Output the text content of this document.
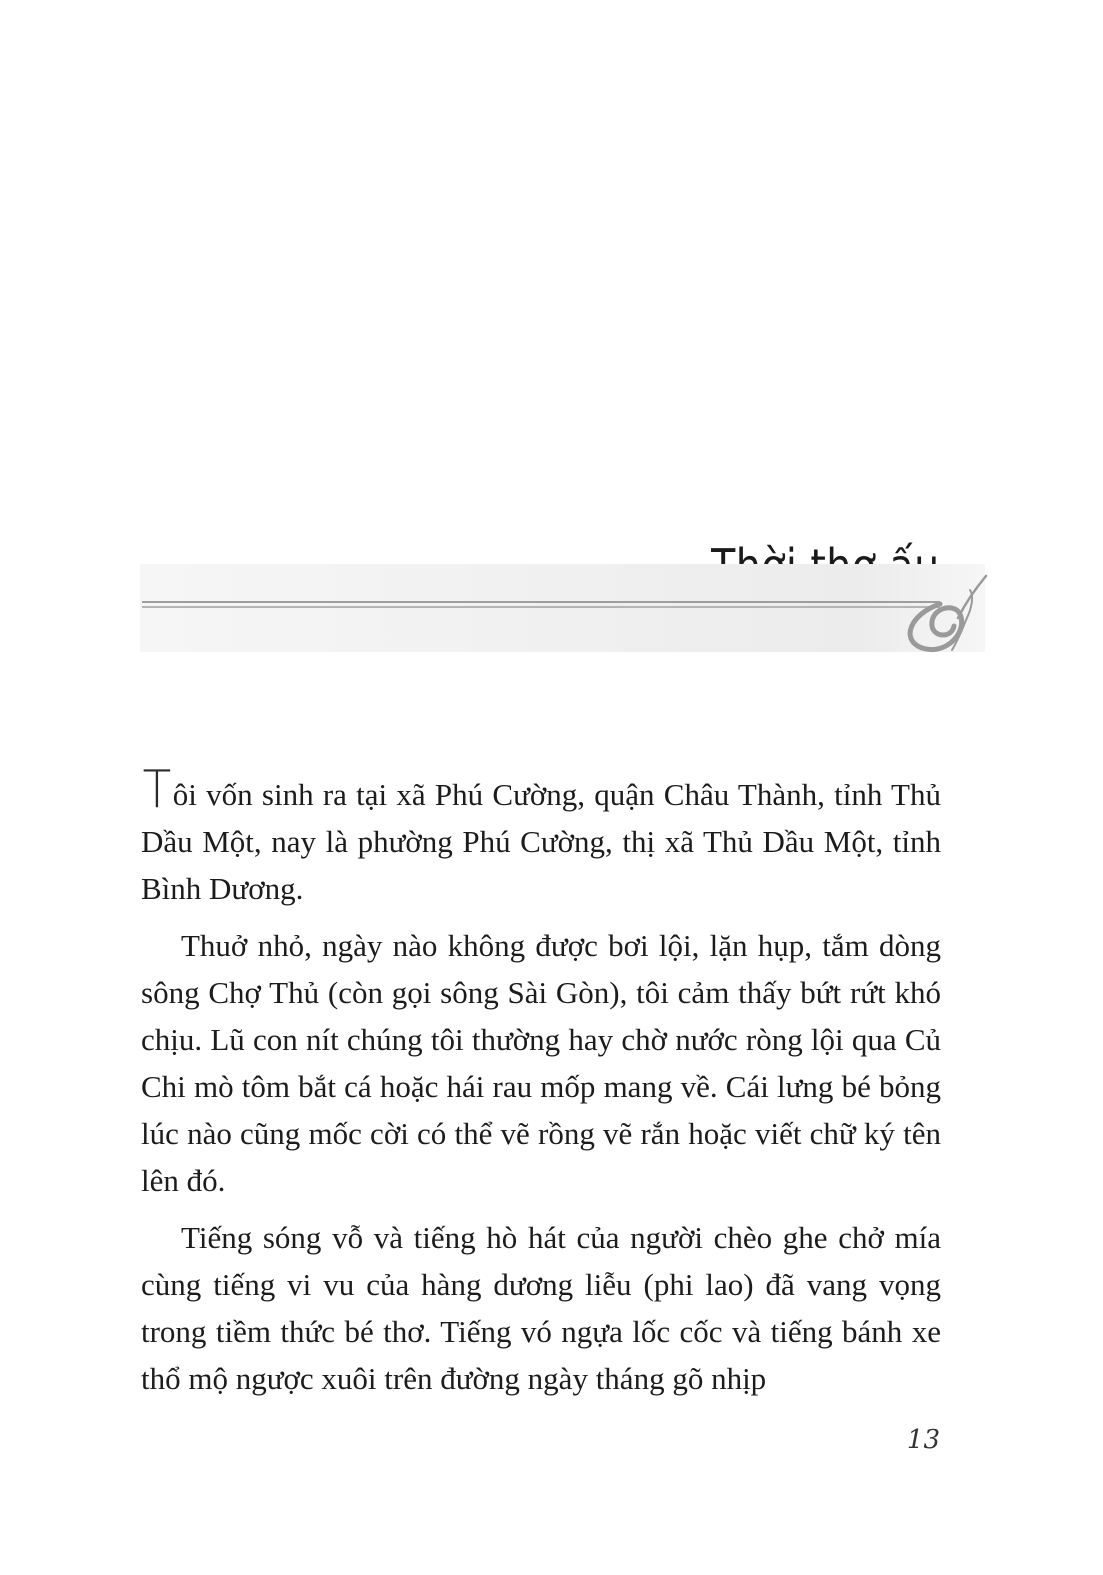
Tôi vốn sinh ra tại xã Phú Cường, quận Châu Thành, tỉnh Thủ Dầu Một, nay là phường Phú Cường, thị xã Thủ Dầu Một, tỉnh Bình Dương.

Thuở nhỏ, ngày nào không được bơi lội, lặn hụp, tắm dòng sông Chợ Thủ (còn gọi sông Sài Gòn), tôi cảm thấy bứt rứt khó chịu. Lũ con nít chúng tôi thường hay chờ nước ròng lội qua Củ Chi mò tôm bắt cá hoặc hái rau mốp mang về. Cái lưng bé bỏng lúc nào cũng mốc cời có thể vẽ rồng vẽ rắn hoặc viết chữ ký tên lên đó.

Tiếng sóng vỗ và tiếng hò hát của người chèo ghe chở mía cùng tiếng vi vu của hàng dương liễu (phi lao) đã vang vọng trong tiềm thức bé thơ. Tiếng vó ngựa lốc cốc và tiếng bánh xe thổ mộ ngược xuôi trên đường ngày tháng gõ nhịp

13
